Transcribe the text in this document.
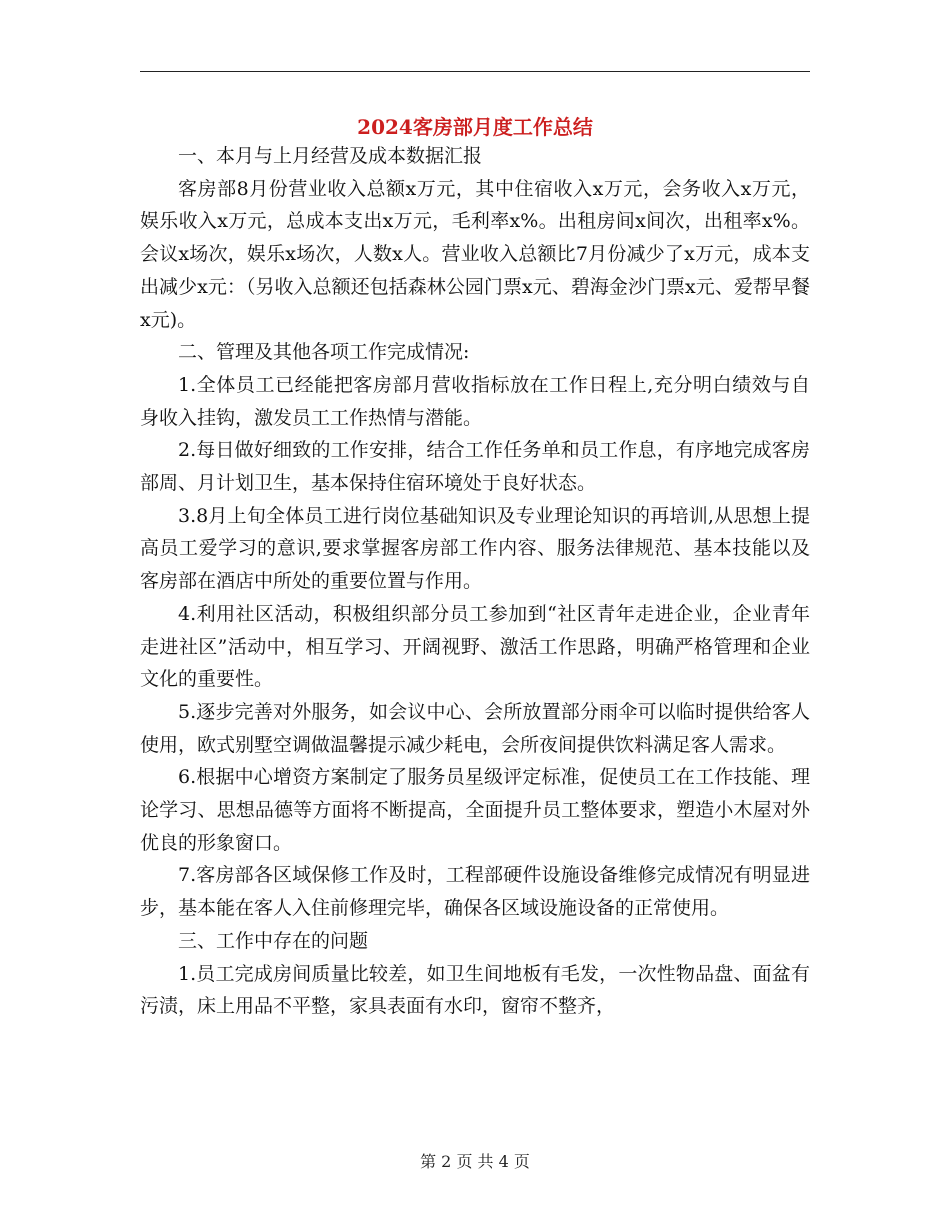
2024客房部月度工作总结

一、本月与上月经营及成本数据汇报

客房部8月份营业收入总额x万元，其中住宿收入x万元，会务收入x万元，娱乐收入x万元，总成本支出x万元，毛利率x%。出租房间x间次，出租率x%。会议x场次，娱乐x场次，人数x人。营业收入总额比7月份减少了x万元，成本支出减少x元：（另收入总额还包括森林公园门票x元、碧海金沙门票x元、爱帮早餐x元)。

二、管理及其他各项工作完成情况:

1.全体员工已经能把客房部月营收指标放在工作日程上,充分明白绩效与自身收入挂钩，激发员工工作热情与潜能。

2.每日做好细致的工作安排，结合工作任务单和员工作息，有序地完成客房部周、月计划卫生，基本保持住宿环境处于良好状态。

3.8月上旬全体员工进行岗位基础知识及专业理论知识的再培训,从思想上提高员工爱学习的意识,要求掌握客房部工作内容、服务法律规范、基本技能以及客房部在酒店中所处的重要位置与作用。

4.利用社区活动，积极组织部分员工参加到“社区青年走进企业，企业青年走进社区”活动中，相互学习、开阔视野、激活工作思路，明确严格管理和企业文化的重要性。

5.逐步完善对外服务，如会议中心、会所放置部分雨伞可以临时提供给客人使用，欧式别墅空调做温馨提示减少耗电，会所夜间提供饮料满足客人需求。

6.根据中心增资方案制定了服务员星级评定标准，促使员工在工作技能、理论学习、思想品德等方面将不断提高，全面提升员工整体要求，塑造小木屋对外优良的形象窗口。

7.客房部各区域保修工作及时，工程部硬件设施设备维修完成情况有明显进步，基本能在客人入住前修理完毕，确保各区域设施设备的正常使用。

三、工作中存在的问题

1.员工完成房间质量比较差，如卫生间地板有毛发，一次性物品盘、面盆有污渍，床上用品不平整，家具表面有水印，窗帘不整齐，

第 2 页 共 4 页
